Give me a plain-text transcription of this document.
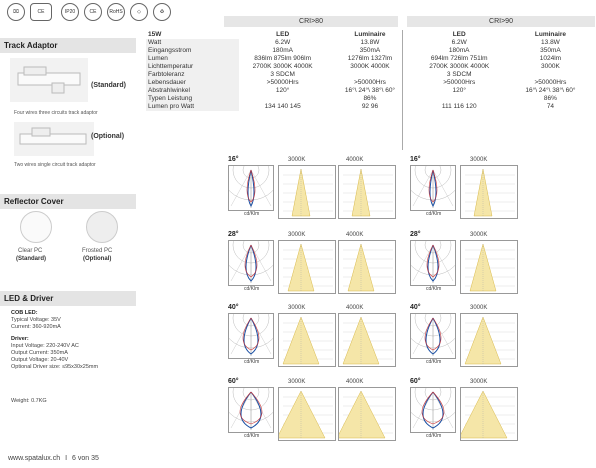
⌧	CE	IP20	CE	RoHS	◇	♻
Track Adaptor
(Standard)
Four wires three circuits track adaptor
(Optional)
Two wires single circuit track adaptor
Reflector Cover
Clear PC
(Standard)
Frosted PC
(Optional)
LED & Driver
COB LED:
Typical Voltage: 35V
Current: 360-920mA
Driver:
Input Voltage: 220-240V AC
Output Current: 350mA
Output Voltage: 20-40V
Optional Driver size: ≤95x30x25mm
Weight: 0.7KG
www.spatalux.ch I 6 von 35
CRI>80	CRI>90
15W	LED	Luminaire	LED	Luminaire
Watt	6.2W	13.8W	6.2W	13.8W
Eingangsstrom	180mA	350mA	180mA	350mA
Lumen	836lm 875lm 906lm	1276lm 1327lm	694lm 726lm 751lm	1024lm
Lichttemperatur	2700K 3000K 4000K	3000K 4000K	2700K 3000K 4000K	3000K
Farbtoleranz	3 SDCM		3 SDCM	
Lebensdauer	>50000Hrs	>50000Hrs	>50000Hrs	>50000Hrs
Abstrahlwinkel	120°	16°\ 24°\ 38°\ 60°	120°	16°\ 24°\ 38°\ 60°
Typen Leistung		86%		86%
Lumen pro Watt	134 140 145	92 96	111 116 120	74
16°	3000K	4000K
cd/Klm
16°	3000K
cd/Klm
28°	3000K	4000K
cd/Klm
28°	3000K
cd/Klm
40°	3000K	4000K
cd/Klm
40°	3000K
cd/Klm
60°	3000K	4000K
cd/Klm
60°	3000K
cd/Klm
